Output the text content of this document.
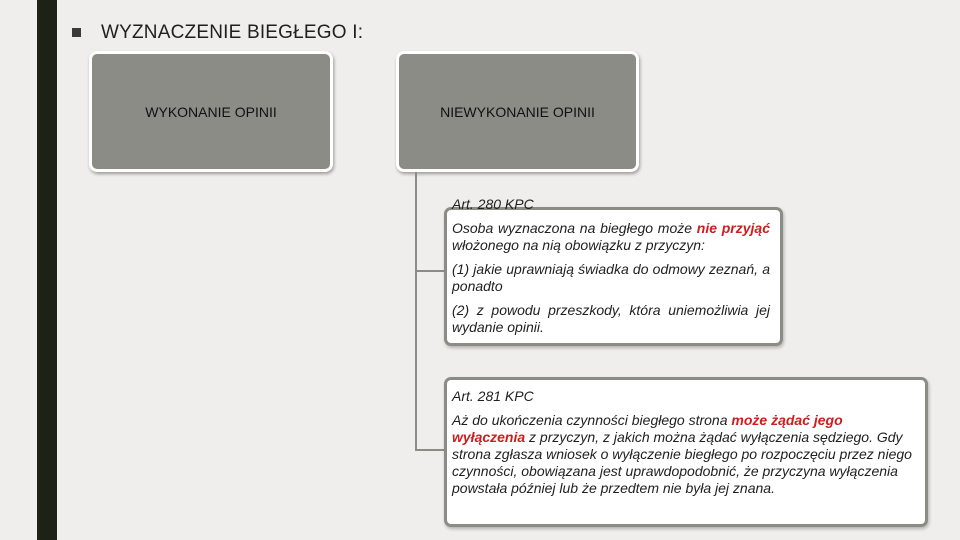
WYZNACZENIE BIEGŁEGO I:
WYKONANIE OPINII	NIEWYKONANIE OPINII

Art. 280 KPC

Osoba wyznaczona na biegłego może nie przyjąć włożonego na nią obowiązku z przyczyn:

(1) jakie uprawniają świadka do odmowy zeznań, a ponadto

(2) z powodu przeszkody, która uniemożliwia jej wydanie opinii.

Art. 281 KPC

Aż do ukończenia czynności biegłego strona może żądać jego wyłączenia z przyczyn, z jakich można żądać wyłączenia sędziego. Gdy strona zgłasza wniosek o wyłączenie biegłego po rozpoczęciu przez niego czynności, obowiązana jest uprawdopodobnić, że przyczyna wyłączenia powstała później lub że przedtem nie była jej znana.
